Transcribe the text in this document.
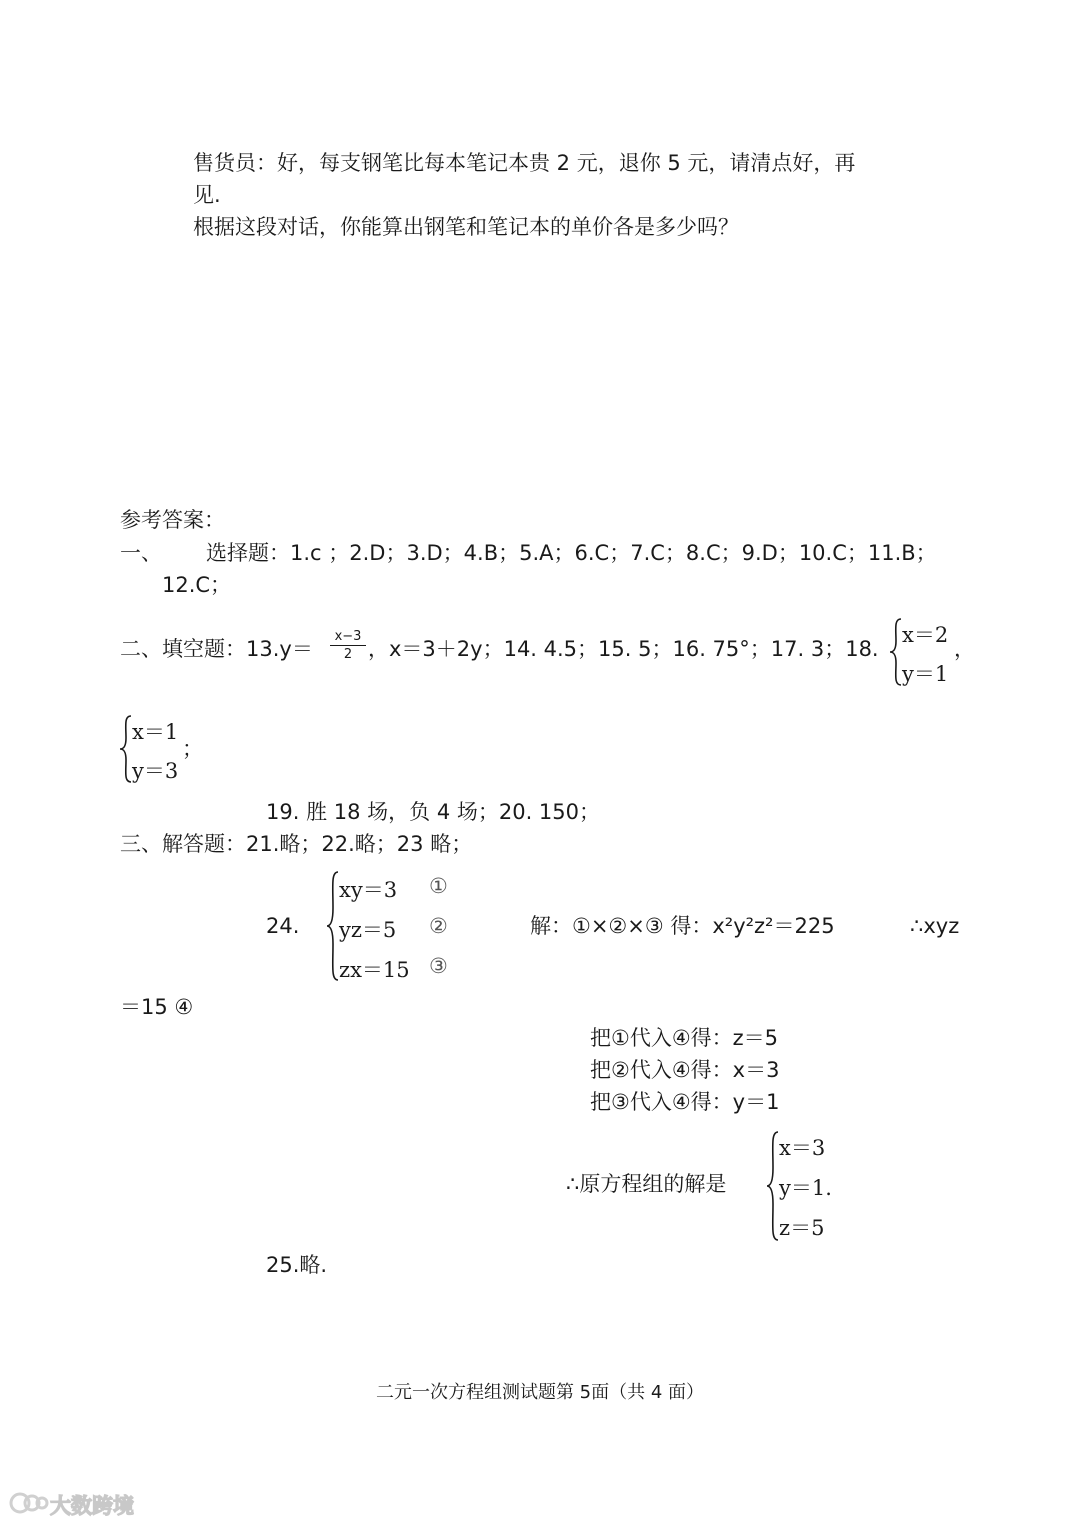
售货员：好，每支钢笔比每本笔记本贵 2 元，退你 5 元，请清点好，再
见.
根据这段对话，你能算出钢笔和笔记本的单价各是多少吗？
参考答案：
一、 选择题：1.c ；2.D；3.D；4.B；5.A；6.C；7.C；8.C；9.D；10.C；11.B；
12.C；
二、填空题：13.y＝
x−3
2 ，x＝3＋2y；14. 4.5；15. 5；16. 75°；17. 3；18.
x＝2
y＝1
，
x＝1
y＝3
；
19. 胜 18 场，负 4 场；20. 150；
三、解答题：21.略；22.略；23 略；
24.
xy＝3
yz＝5
zx＝15
①
②
③
解：①×②×③ 得：x²y²z²＝225	∴xyz
＝15 ④
把①代入④得：z＝5
把②代入④得：x＝3
把③代入④得：y＝1
∴原方程组的解是
x＝3
y＝1.
z＝5
25.略.
二元一次方程组测试题第 5面（共 4 面）
大数跨境
